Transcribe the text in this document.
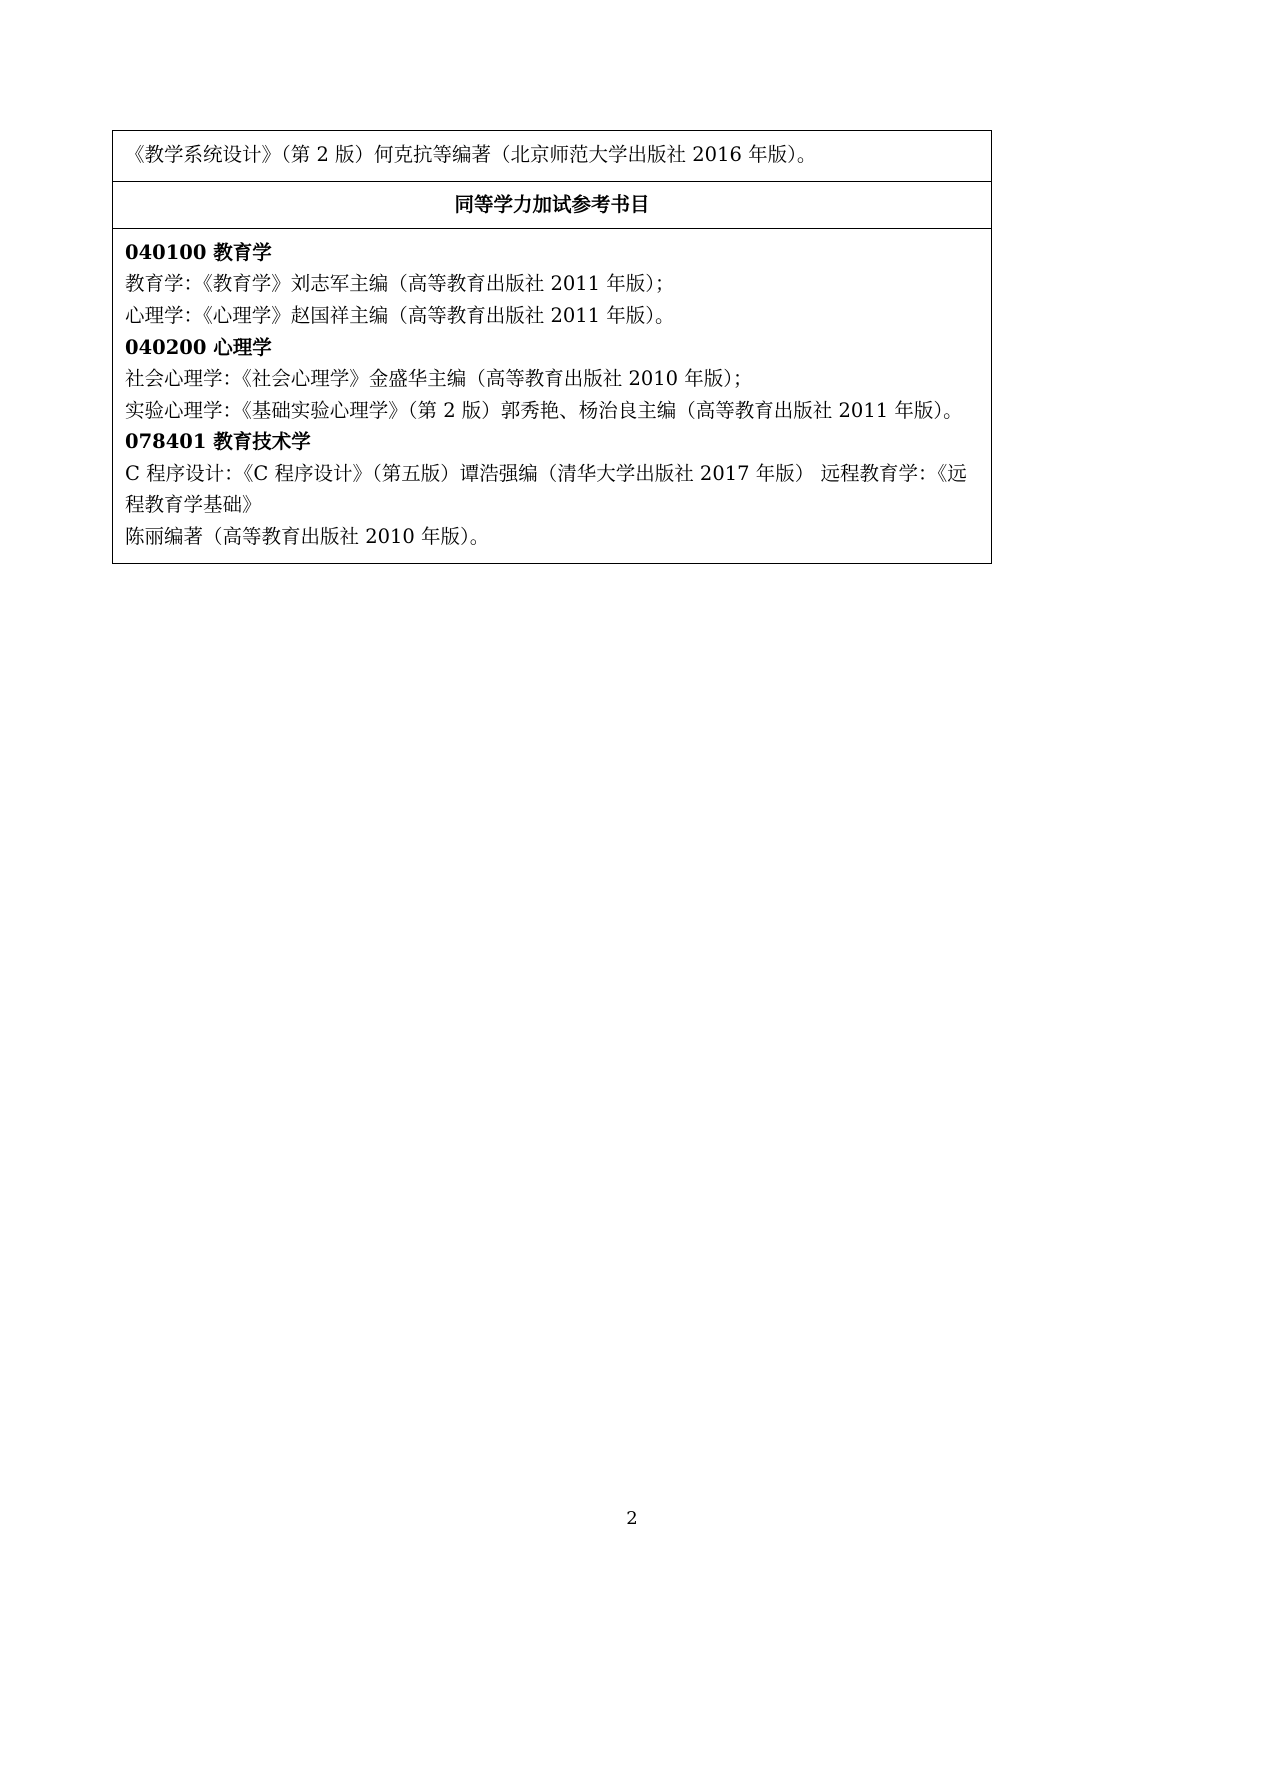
《教学系统设计》（第 2 版）何克抗等编著（北京师范大学出版社 2016 年版）。

同等学力加试参考书目

040100 教育学
教育学：《教育学》刘志军主编（高等教育出版社 2011 年版）；
心理学：《心理学》赵国祥主编（高等教育出版社 2011 年版）。
040200 心理学
社会心理学：《社会心理学》金盛华主编（高等教育出版社 2010 年版）；
实验心理学：《基础实验心理学》（第 2 版）郭秀艳、杨治良主编（高等教育出版社 2011 年版）。
078401 教育技术学
C 程序设计：《C 程序设计》（第五版）谭浩强编（清华大学出版社 2017 年版） 远程教育学：《远程教育学基础》
陈丽编著（高等教育出版社 2010 年版）。
2
